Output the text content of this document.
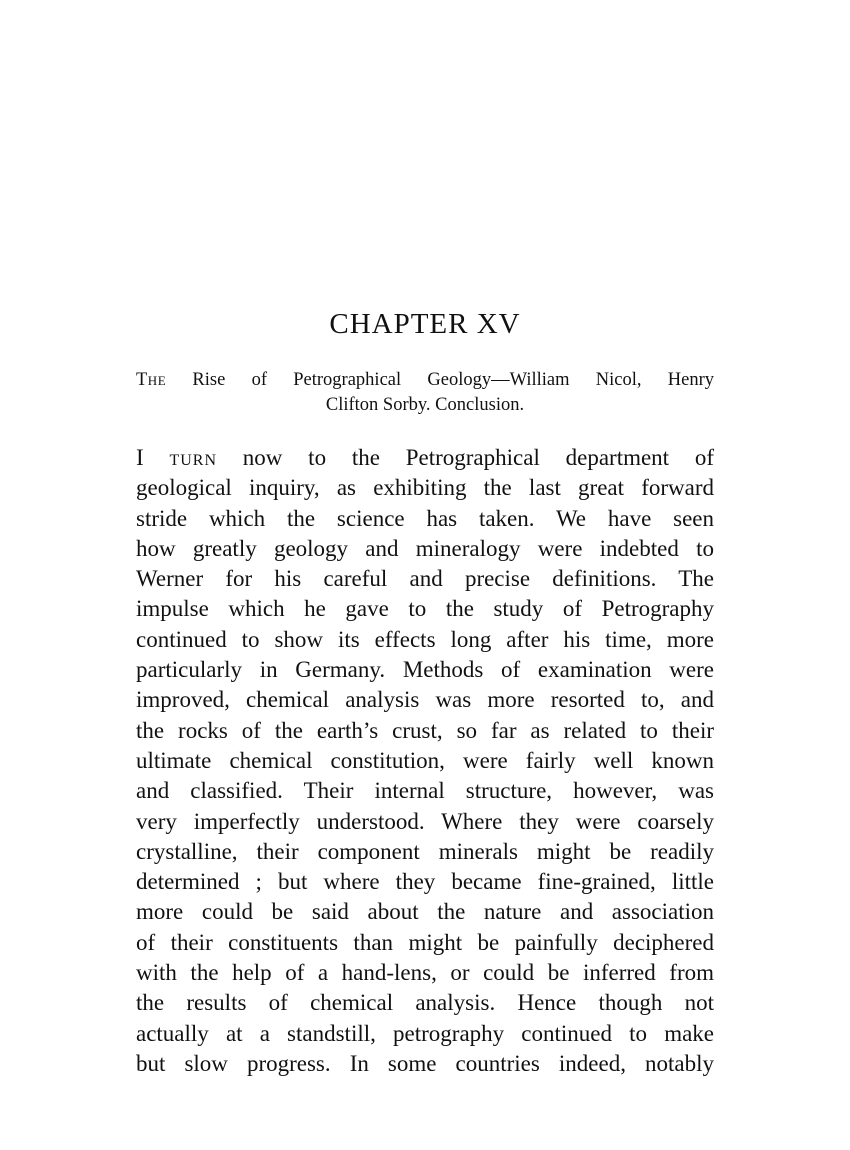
CHAPTER XV

The Rise of Petrographical Geology—William Nicol, Henry
Clifton Sorby. Conclusion.

I turn now to the Petrographical department of
geological inquiry, as exhibiting the last great forward
stride which the science has taken. We have seen
how greatly geology and mineralogy were indebted to
Werner for his careful and precise definitions. The
impulse which he gave to the study of Petrography
continued to show its effects long after his time, more
particularly in Germany. Methods of examination were
improved, chemical analysis was more resorted to, and
the rocks of the earth’s crust, so far as related to their
ultimate chemical constitution, were fairly well known
and classified. Their internal structure, however, was
very imperfectly understood. Where they were coarsely
crystalline, their component minerals might be readily
determined ; but where they became fine-grained, little
more could be said about the nature and association
of their constituents than might be painfully deciphered
with the help of a hand-lens, or could be inferred from
the results of chemical analysis. Hence though not
actually at a standstill, petrography continued to make
but slow progress. In some countries indeed, notably
